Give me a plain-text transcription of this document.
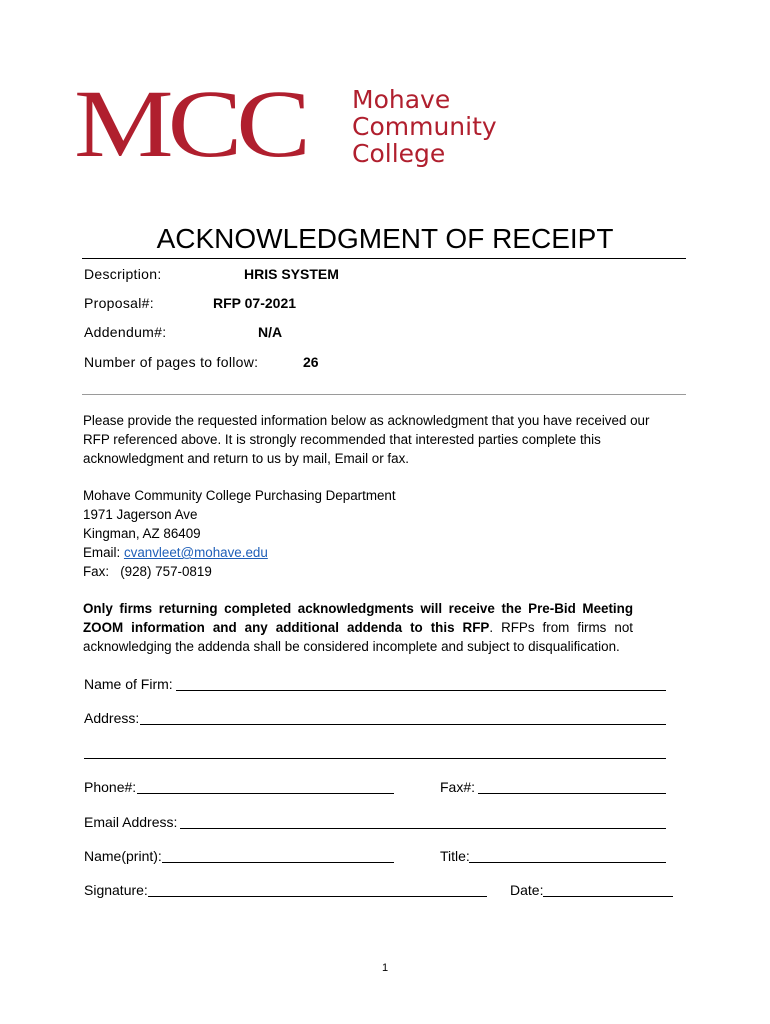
MCC Mohave
Community
College
ACKNOWLEDGMENT OF RECEIPT
Description:	HRIS SYSTEM
Proposal#:	RFP 07-2021
Addendum#:	N/A
Number of pages to follow:	26
Please provide the requested information below as acknowledgment that you have received our
RFP referenced above. It is strongly recommended that interested parties complete this
acknowledgment and return to us by mail, Email or fax.
Mohave Community College Purchasing Department
1971 Jagerson Ave
Kingman, AZ 86409
Email: cvanvleet@mohave.edu
Fax:   (928) 757-0819
Only firms returning completed acknowledgments will receive the Pre-Bid Meeting
ZOOM information and any additional addenda to this RFP. RFPs from firms not
acknowledging the addenda shall be considered incomplete and subject to disqualification.
Name of Firm:
Address:
Phone#:	Fax#:
Email Address:
Name(print):	Title:
Signature:	Date:
1
